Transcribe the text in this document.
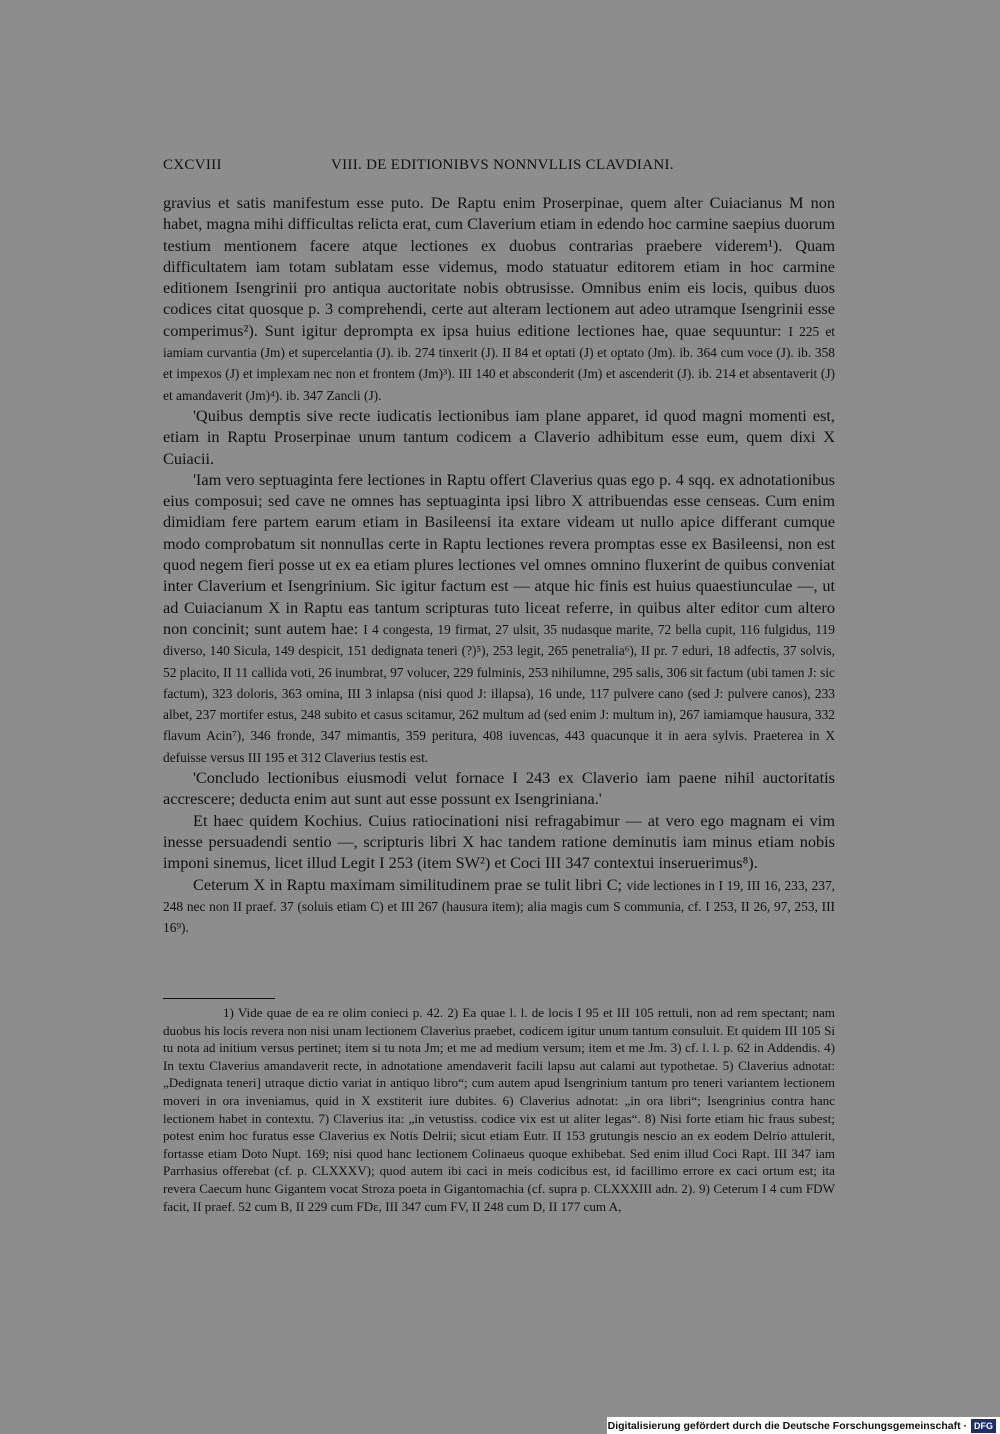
CXCVIII	VIII. DE EDITIONIBVS NONNVLLIS CLAVDIANI.

gravius et satis manifestum esse puto. De Raptu enim Proserpinae, quem alter Cuiacianus M non habet, magna mihi difficultas relicta erat, cum Claverium etiam in edendo hoc carmine saepius duorum testium mentionem facere atque lectiones ex duobus contrarias praebere viderem¹). Quam difficultatem iam totam sublatam esse videmus, modo statuatur editorem etiam in hoc carmine editionem Isengrinii pro antiqua auctoritate nobis obtrusisse. Omnibus enim eis locis, quibus duos codices citat quosque p. 3 comprehendi, certe aut alteram lectionem aut adeo utramque Isengrinii esse comperimus²). Sunt igitur deprompta ex ipsa huius editione lectiones hae, quae sequuntur: I 225 et iamiam curvantia (Jm) et supercelantia (J). ib. 274 tinxerit (J). II 84 et optati (J) et optato (Jm). ib. 364 cum voce (J). ib. 358 et impexos (J) et implexam nec non et frontem (Jm)³). III 140 et absconderit (Jm) et ascenderit (J). ib. 214 et absentaverit (J) et amandaverit (Jm)⁴). ib. 347 Zancli (J).

'Quibus demptis sive recte iudicatis lectionibus iam plane apparet, id quod magni momenti est, etiam in Raptu Proserpinae unum tantum codicem a Claverio adhibitum esse eum, quem dixi X Cuiacii.

'Iam vero septuaginta fere lectiones in Raptu offert Claverius quas ego p. 4 sqq. ex adnotationibus eius composui; sed cave ne omnes has septuaginta ipsi libro X attribuendas esse censeas. Cum enim dimidiam fere partem earum etiam in Basileensi ita extare videam ut nullo apice differant cumque modo comprobatum sit nonnullas certe in Raptu lectiones revera promptas esse ex Basileensi, non est quod negem fieri posse ut ex ea etiam plures lectiones vel omnes omnino fluxerint de quibus conveniat inter Claverium et Isengrinium. Sic igitur factum est — atque hic finis est huius quaestiunculae —, ut ad Cuiacianum X in Raptu eas tantum scripturas tuto liceat referre, in quibus alter editor cum altero non concinit; sunt autem hae: I 4 congesta, 19 firmat, 27 ulsit, 35 nudasque marite, 72 bella cupit, 116 fulgidus, 119 diverso, 140 Sicula, 149 despicit, 151 dedignata teneri (?)⁵), 253 legit, 265 penetralia⁶), II pr. 7 eduri, 18 adfectis, 37 solvis, 52 placito, II 11 callida voti, 26 inumbrat, 97 volucer, 229 fulminis, 253 nihilumne, 295 salis, 306 sit factum (ubi tamen J: sic factum), 323 doloris, 363 omina, III 3 inlapsa (nisi quod J: illapsa), 16 unde, 117 pulvere cano (sed J: pulvere canos), 233 albet, 237 mortifer estus, 248 subito et casus scitamur, 262 multum ad (sed enim J: multum in), 267 iamiamque hausura, 332 flavum Acin⁷), 346 fronde, 347 mimantis, 359 peritura, 408 iuvencas, 443 quacunque it in aera sylvis. Praeterea in X defuisse versus III 195 et 312 Claverius testis est.

'Concludo lectionibus eiusmodi velut fornace I 243 ex Claverio iam paene nihil auctoritatis accrescere; deducta enim aut sunt aut esse possunt ex Isengriniana.'

Et haec quidem Kochius. Cuius ratiocinationi nisi refragabimur — at vero ego magnam ei vim inesse persuadendi sentio —, scripturis libri X hac tandem ratione deminutis iam minus etiam nobis imponi sinemus, licet illud Legit I 253 (item SW²) et Coci III 347 contextui inseruerimus⁸).

Ceterum X in Raptu maximam similitudinem prae se tulit libri C; vide lectiones in I 19, III 16, 233, 237, 248 nec non II praef. 37 (soluis etiam C) et III 267 (hausura item); alia magis cum S communia, cf. I 253, II 26, 97, 253, III 16⁹).

1) Vide quae de ea re olim conieci p. 42. 2) Ea quae l. l. de locis I 95 et III 105 rettuli, non ad rem spectant; nam duobus his locis revera non nisi unam lectionem Claverius praebet, codicem igitur unum tantum consuluit. Et quidem III 105 Si tu nota ad initium versus pertinet; item si tu nota Jm; et me ad medium versum; item et me Jm. 3) cf. l. l. p. 62 in Addendis. 4) In textu Claverius amandaverit recte, in adnotatione amendaverit facili lapsu aut calami aut typothetae. 5) Claverius adnotat: „Dedignata teneri] utraque dictio variat in antiquo libro“; cum autem apud Isengrinium tantum pro teneri variantem lectionem moveri in ora inveniamus, quid in X exstiterit iure dubites. 6) Claverius adnotat: „in ora libri“; Isengrinius contra hanc lectionem habet in contextu. 7) Claverius ita: „in vetustiss. codice vix est ut aliter legas“. 8) Nisi forte etiam hic fraus subest; potest enim hoc furatus esse Claverius ex Notis Delrii; sicut etiam Eutr. II 153 grutungis nescio an ex eodem Delrio attulerit, fortasse etiam Doto Nupt. 169; nisi quod hanc lectionem Colinaeus quoque exhibebat. Sed enim illud Coci Rapt. III 347 iam Parrhasius offerebat (cf. p. CLXXXV); quod autem ibi caci in meis codicibus est, id facillimo errore ex caci ortum est; ita revera Caecum hunc Gigantem vocat Stroza poeta in Gigantomachia (cf. supra p. CLXXXIII adn. 2). 9) Ceterum I 4 cum FDW facit, II praef. 52 cum B, II 229 cum FDε, III 347 cum FV, II 248 cum D, II 177 cum A,

Digitalisierung gefördert durch die Deutsche Forschungsgemeinschaft · DFG
